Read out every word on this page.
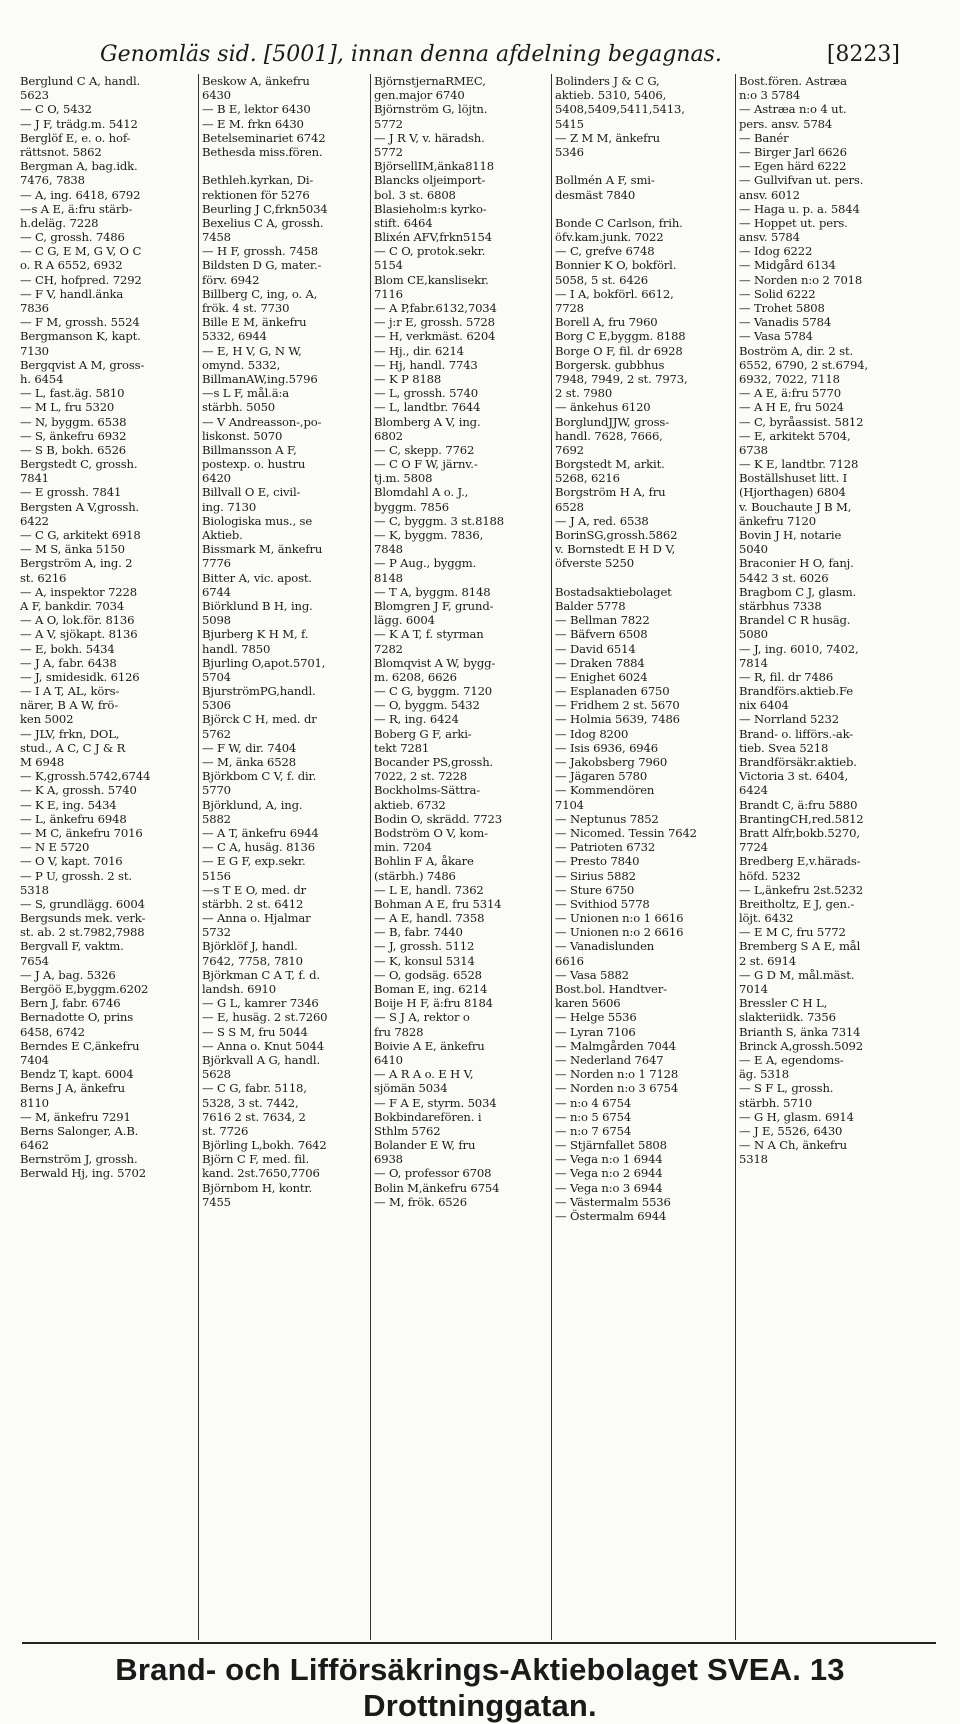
Genomläs sid. [5001], innan denna afdelning begagnas.	[8223]
Berglund C A, handl.
5623
— C O, 5432
— J F, trädg.m. 5412
Berglöf E, e. o. hof-
rättsnot. 5862
Bergman A, bag.idk.
7476, 7838
— A, ing. 6418, 6792
—s A E, ä:fru stärb-
h.deläg. 7228
— C, grossh. 7486
— C G, E M, G V, O C
o. R A 6552, 6932
— CH, hofpred. 7292
— F V, handl.änka
7836
— F M, grossh. 5524
Bergmanson K, kapt.
7130
Bergqvist A M, gross-
h. 6454
— L, fast.äg. 5810
— M L, fru 5320
— N, byggm. 6538
— S, änkefru 6932
— S B, bokh. 6526
Bergstedt C, grossh.
7841
— E grossh. 7841
Bergsten A V,grossh.
6422
— C G, arkitekt 6918
— M S, änka 5150
Bergström A, ing. 2
st. 6216
— A, inspektor 7228
A F, bankdir. 7034
— A O, lok.för. 8136
— A V, sjökapt. 8136
— E, bokh. 5434
— J A, fabr. 6438
— J, smidesidk. 6126
— I A T, AL, körs-
närer, B A W, frö-
ken 5002
— JLV, frkn, DOL,
stud., A C, C J & R
M 6948
— K,grossh.5742,6744
— K A, grossh. 5740
— K E, ing. 5434
— L, änkefru 6948
— M C, änkefru 7016
— N E 5720
— O V, kapt. 7016
— P U, grossh. 2 st.
5318
— S, grundlägg. 6004
Bergsunds mek. verk-
st. ab. 2 st.7982,7988
Bergvall F, vaktm.
7654
— J A, bag. 5326
Bergöö E,byggm.6202
Bern J, fabr. 6746
Bernadotte O, prins
6458, 6742
Berndes E C,änkefru
7404
Bendz T, kapt. 6004
Berns J A, änkefru
8110
— M, änkefru 7291
Berns Salonger, A.B.
6462
Bernström J, grossh.
Berwald Hj, ing. 5702
Beskow A, änkefru
6430
— B E, lektor 6430
— E M. frkn 6430
Betelseminariet 6742
Bethesda miss.fören.
Bethleh.kyrkan, Di-
rektionen för 5276
Beurling J C,frkn5034
Bexelius C A, grossh.
7458
— H F, grossh. 7458
Bildsten D G, mater.-
förv. 6942
Billberg C, ing, o. A,
frök. 4 st. 7730
Bille E M, änkefru
5332, 6944
— E, H V, G, N W,
omynd. 5332,
BillmanAW,ing.5796
—s L F, mål.ä:a
stärbh. 5050
— V Andreasson-,po-
liskonst. 5070
Billmansson A F,
postexp. o. hustru
6420
Billvall O E, civil-
ing. 7130
Biologiska mus., se
Aktieb.
Bissmark M, änkefru
7776
Bitter A, vic. apost.
6744
Biörklund B H, ing.
5098
Bjurberg K H M, f.
handl. 7850
Bjurling O,apot.5701,
5704
BjurströmPG,handl.
5306
Björck C H, med. dr
5762
— F W, dir. 7404
— M, änka 6528
Björkbom C V, f. dir.
5770
Björklund, A, ing.
5882
— A T, änkefru 6944
— C A, husäg. 8136
— E G F, exp.sekr.
5156
—s T E O, med. dr
stärbh. 2 st. 6412
— Anna o. Hjalmar
5732
Björklöf J, handl.
7642, 7758, 7810
Björkman C A T, f. d.
landsh. 6910
— G L, kamrer 7346
— E, husäg. 2 st.7260
— S S M, fru 5044
— Anna o. Knut 5044
Björkvall A G, handl.
5628
— C G, fabr. 5118,
5328, 3 st. 7442,
7616 2 st. 7634, 2
st. 7726
Björling L,bokh. 7642
Björn C F, med. fil.
kand. 2st.7650,7706
Björnbom H, kontr.
7455
BjörnstjernaRMEC,
gen.major 6740
Björnström G, löjtn.
5772
— J R V, v. häradsh.
5772
BjörsellIM,änka8118
Blancks oljeimport-
bol. 3 st. 6808
Blasieholm:s kyrko-
stift. 6464
Blixén AFV,frkn5154
— C O, protok.sekr.
5154
Blom CE,kanslisekr.
7116
— A P,fabr.6132,7034
— j:r E, grossh. 5728
— H, verkmäst. 6204
— Hj., dir. 6214
— Hj, handl. 7743
— K P 8188
— L, grossh. 5740
— L, landtbr. 7644
Blomberg A V, ing.
6802
— C, skepp. 7762
— C O F W, järnv.-
tj.m. 5808
Blomdahl A o. J.,
byggm. 7856
— C, byggm. 3 st.8188
— K, byggm. 7836,
7848
— P Aug., byggm.
8148
— T A, byggm. 8148
Blomgren J F, grund-
lägg. 6004
— K A T, f. styrman
7282
Blomqvist A W, bygg-
m. 6208, 6626
— C G, byggm. 7120
— O, byggm. 5432
— R, ing. 6424
Boberg G F, arki-
tekt 7281
Bocander PS,grossh.
7022, 2 st. 7228
Bockholms-Sättra-
aktieb. 6732
Bodin O, skrädd. 7723
Bodström O V, kom-
min. 7204
Bohlin F A, åkare
(stärbh.) 7486
— L E, handl. 7362
Bohman A E, fru 5314
— A E, handl. 7358
— B, fabr. 7440
— J, grossh. 5112
— K, konsul 5314
— O, godsäg. 6528
Boman E, ing. 6214
Boije H F, ä:fru 8184
— S J A, rektor o
fru 7828
Boivie A E, änkefru
6410
— A R A o. E H V,
sjömän 5034
— F A E, styrm. 5034
Bokbindarefören. i
Sthlm 5762
Bolander E W, fru
6938
— O, professor 6708
Bolin M,änkefru 6754
— M, frök. 6526
Bolinders J & C G,
aktieb. 5310, 5406,
5408,5409,5411,5413,
5415
— Z M M, änkefru
5346
Bollmén A F, smi-
desmäst 7840
Bonde C Carlson, frih.
öfv.kam.junk. 7022
— C, grefve 6748
Bonnier K O, bokförl.
5058, 5 st. 6426
— I A, bokförl. 6612,
7728
Borell A, fru 7960
Borg C E,byggm. 8188
Borge O F, fil. dr 6928
Borgersk. gubbhus
7948, 7949, 2 st. 7973,
2 st. 7980
— änkehus 6120
BorglundJJW, gross-
handl. 7628, 7666,
7692
Borgstedt M, arkit.
5268, 6216
Borgström H A, fru
6528
— J A, red. 6538
BorinSG,grossh.5862
v. Bornstedt E H D V,
öfverste 5250
Bostadsaktiebolaget
Balder 5778
— Bellman 7822
— Bäfvern 6508
— David 6514
— Draken 7884
— Enighet 6024
— Esplanaden 6750
— Fridhem 2 st. 5670
— Holmia 5639, 7486
— Idog 8200
— Isis 6936, 6946
— Jakobsberg 7960
— Jägaren 5780
— Kommendören
7104
— Neptunus 7852
— Nicomed. Tessin 7642
— Patrioten 6732
— Presto 7840
— Sirius 5882
— Sture 6750
— Svithiod 5778
— Unionen n:o 1 6616
— Unionen n:o 2 6616
— Vanadislunden
6616
— Vasa 5882
Bost.bol. Handtver-
karen 5606
— Helge 5536
— Lyran 7106
— Malmgården 7044
— Nederland 7647
— Norden n:o 1 7128
— Norden n:o 3 6754
— n:o 4 6754
— n:o 5 6754
— n:o 7 6754
— Stjärnfallet 5808
— Vega n:o 1 6944
— Vega n:o 2 6944
— Vega n:o 3 6944
— Västermalm 5536
— Östermalm 6944
Bost.fören. Astræa
n:o 3 5784
— Astræa n:o 4 ut.
pers. ansv. 5784
— Banér
— Birger Jarl 6626
— Egen härd 6222
— Gullvifvan ut. pers.
ansv. 6012
— Haga u. p. a. 5844
— Hoppet ut. pers.
ansv. 5784
— Idog 6222
— Midgård 6134
— Norden n:o 2 7018
— Solid 6222
— Trohet 5808
— Vanadis 5784
— Vasa 5784
Boström A, dir. 2 st.
6552, 6790, 2 st.6794,
6932, 7022, 7118
— A E, ä:fru 5770
— A H E, fru 5024
— C, byråassist. 5812
— E, arkitekt 5704,
6738
— K E, landtbr. 7128
Boställshuset litt. I
(Hjorthagen) 6804
v. Bouchaute J B M,
änkefru 7120
Bovin J H, notarie
5040
Braconier H O, fanj.
5442 3 st. 6026
Bragbom C J, glasm.
stärbhus 7338
Brandel C R husäg.
5080
— J, ing. 6010, 7402,
7814
— R, fil. dr 7486
Brandförs.aktieb.Fe
nix 6404
— Norrland 5232
Brand- o. lifförs.-ak-
tieb. Svea 5218
Brandförsäkr.aktieb.
Victoria 3 st. 6404,
6424
Brandt C, ä:fru 5880
BrantingCH,red.5812
Bratt Alfr,bokb.5270,
7724
Bredberg E,v.härads-
höfd. 5232
— L,änkefru 2st.5232
Breitholtz, E J, gen.-
löjt. 6432
— E M C, fru 5772
Bremberg S A E, mål
2 st. 6914
— G D M, mål.mäst.
7014
Bressler C H L,
slakteriidk. 7356
Brianth S, änka 7314
Brinck A,grossh.5092
— E A, egendoms-
äg. 5318
— S F L, grossh.
stärbh. 5710
— G H, glasm. 6914
— J E, 5526, 6430
— N A Ch, änkefru
5318
Brand- och Lifförsäkrings-Aktiebolaget SVEA. 13 Drottninggatan.
